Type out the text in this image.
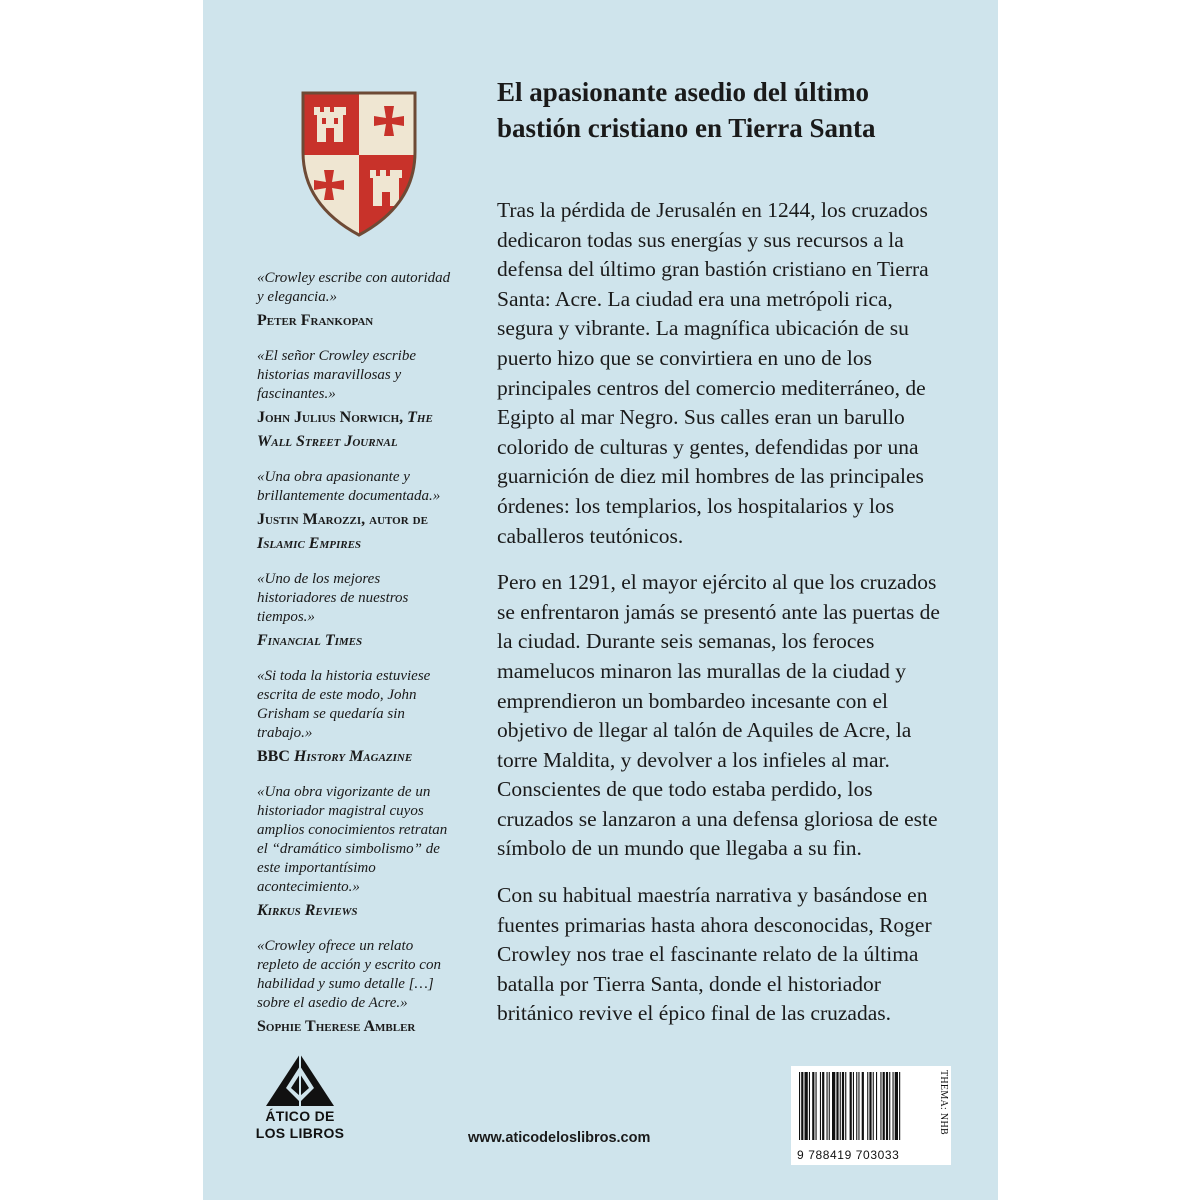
El apasionante asedio del último
bastión cristiano en Tierra Santa

Tras la pérdida de Jerusalén en 1244, los cruzados dedicaron todas sus energías y sus recursos a la defensa del último gran bastión cristiano en Tierra Santa: Acre. La ciudad era una metrópoli rica, segura y vibrante. La magnífica ubicación de su puerto hizo que se convirtiera en uno de los principales centros del comercio mediterráneo, de Egipto al mar Negro. Sus calles eran un barullo colorido de culturas y gentes, defendidas por una guarnición de diez mil hombres de las principales órdenes: los templarios, los hospitalarios y los caballeros teutónicos.

Pero en 1291, el mayor ejército al que los cruzados se enfrentaron jamás se presentó ante las puertas de la ciudad. Durante seis semanas, los feroces mamelucos minaron las murallas de la ciudad y emprendieron un bombardeo incesante con el objetivo de llegar al talón de Aquiles de Acre, la torre Maldita, y devolver a los infieles al mar. Conscientes de que todo estaba perdido, los cruzados se lanzaron a una defensa gloriosa de este símbolo de un mundo que llegaba a su fin.

Con su habitual maestría narrativa y basándose en fuentes primarias hasta ahora desconocidas, Roger Crowley nos trae el fascinante relato de la última batalla por Tierra Santa, donde el historiador británico revive el épico final de las cruzadas.

«Crowley escribe con autoridad y elegancia.»
Peter Frankopan
«El señor Crowley escribe historias maravillosas y fascinantes.»
John Julius Norwich, The Wall Street Journal
«Una obra apasionante y brillantemente documentada.»
Justin Marozzi, autor de Islamic Empires
«Uno de los mejores historiadores de nuestros tiempos.»
Financial Times
«Si toda la historia estuviese escrita de este modo, John Grisham se quedaría sin trabajo.»
BBC History Magazine
«Una obra vigorizante de un historiador magistral cuyos amplios conocimientos retratan el “dramático simbolismo” de este importantísimo acontecimiento.»
Kirkus Reviews
«Crowley ofrece un relato repleto de acción y escrito con habilidad y sumo detalle […] sobre el asedio de Acre.»
Sophie Therese Ambler
ÁTICO DE
LOS LIBROS	www.aticodeloslibros.com
9 788419 703033
THEMA: NHB
